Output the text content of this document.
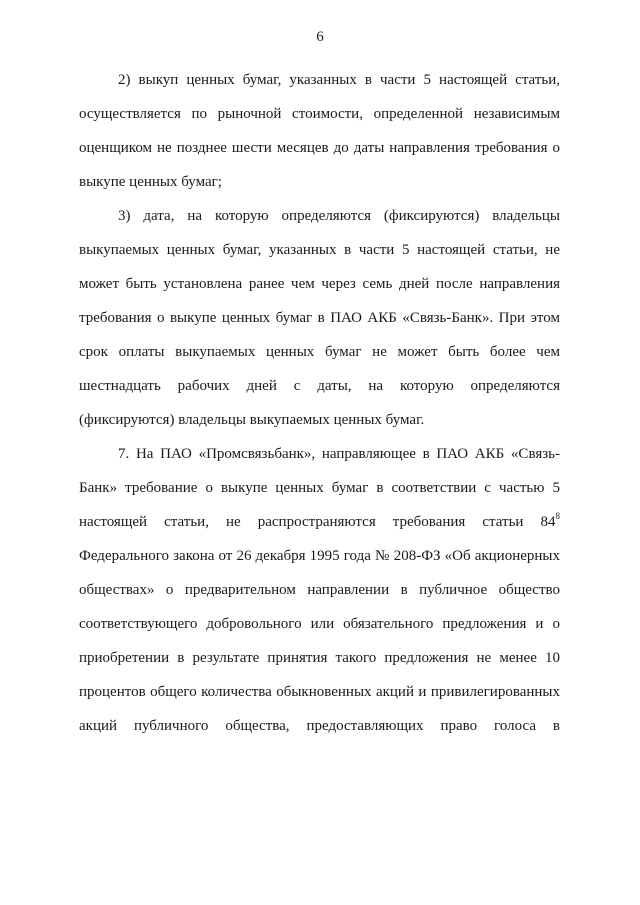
6

2) выкуп ценных бумаг, указанных в части 5 настоящей статьи, осуществляется по рыночной стоимости, определенной независимым оценщиком не позднее шести месяцев до даты направления требования о выкупе ценных бумаг;

3) дата, на которую определяются (фиксируются) владельцы выкупаемых ценных бумаг, указанных в части 5 настоящей статьи, не может быть установлена ранее чем через семь дней после направления требования о выкупе ценных бумаг в ПАО АКБ «Связь-Банк». При этом срок оплаты выкупаемых ценных бумаг не может быть более чем шестнадцать рабочих дней с даты, на которую определяются (фиксируются) владельцы выкупаемых ценных бумаг.

7. На ПАО «Промсвязьбанк», направляющее в ПАО АКБ «Связь-Банк» требование о выкупе ценных бумаг в соответствии с частью 5 настоящей статьи, не распространяются требования статьи 84$^8$ Федерального закона от 26 декабря 1995 года № 208-ФЗ «Об акционерных обществах» о предварительном направлении в публичное общество соответствующего добровольного или обязательного предложения и о приобретении в результате принятия такого предложения не менее 10 процентов общего количества обыкновенных акций и привилегированных акций публичного общества, предоставляющих право голоса в
